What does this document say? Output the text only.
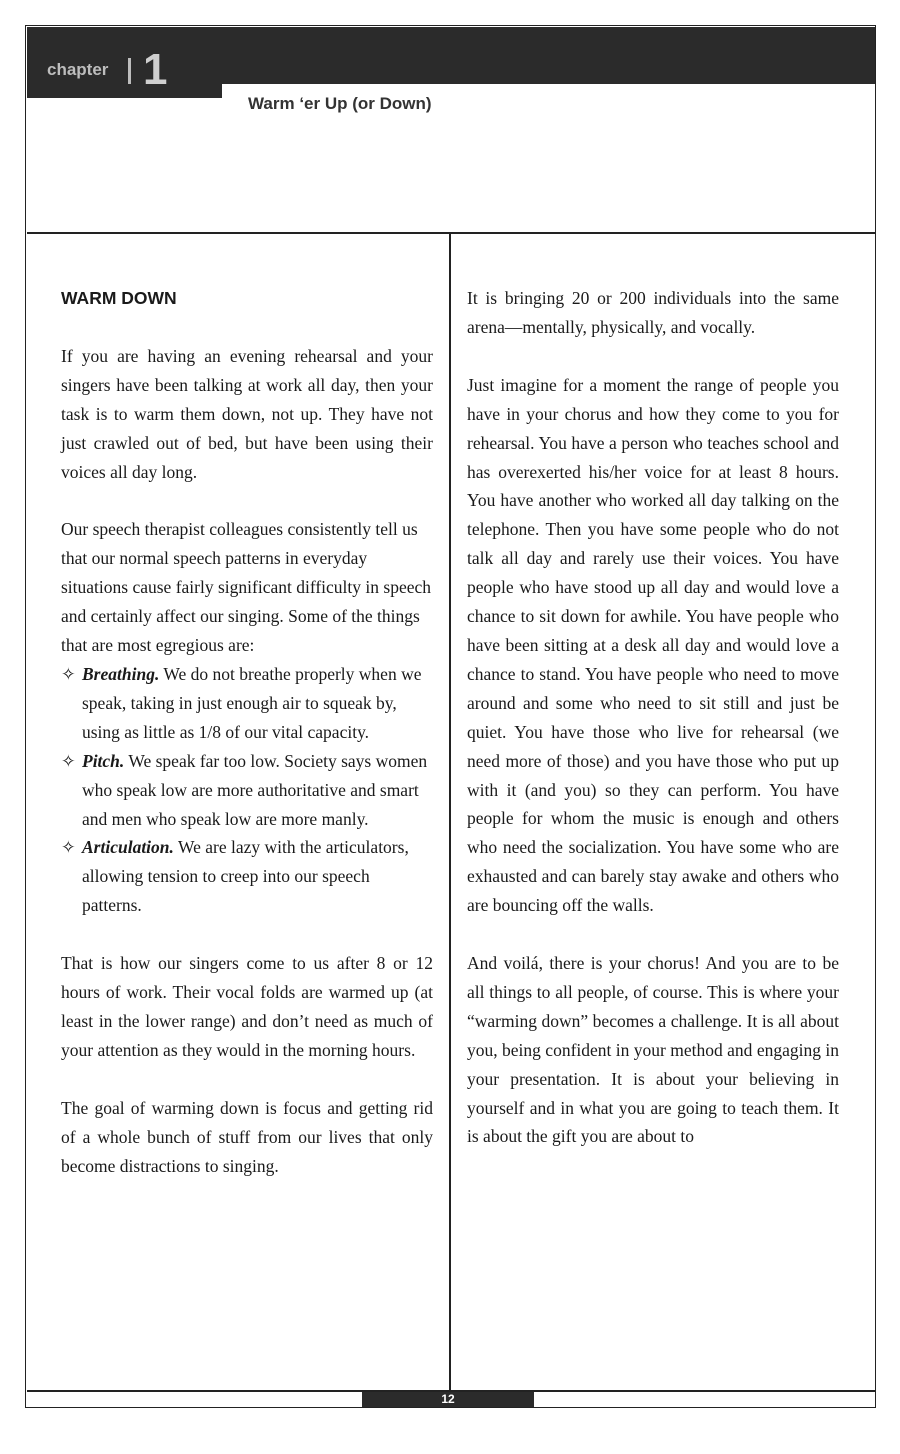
chapter 1
Warm ‘er Up (or Down)
WARM DOWN

If you are having an evening rehearsal and your singers have been talking at work all day, then your task is to warm them down, not up. They have not just crawled out of bed, but have been using their voices all day long.

Our speech therapist colleagues consistently tell us that our normal speech patterns in everyday situations cause fairly significant difficulty in speech and certainly affect our singing. Some of the things that are most egregious are:

✧ Breathing. We do not breathe properly when we speak, taking in just enough air to squeak by, using as little as 1/8 of our vital capacity.
✧ Pitch. We speak far too low. Society says women who speak low are more authoritative and smart and men who speak low are more manly.
✧ Articulation. We are lazy with the articulators, allowing tension to creep into our speech patterns.

That is how our singers come to us after 8 or 12 hours of work. Their vocal folds are warmed up (at least in the lower range) and don’t need as much of your attention as they would in the morning hours.

The goal of warming down is focus and getting rid of a whole bunch of stuff from our lives that only become distractions to singing.

It is bringing 20 or 200 individuals into the same arena—mentally, physically, and vocally.

Just imagine for a moment the range of people you have in your chorus and how they come to you for rehearsal. You have a person who teaches school and has overexerted his/her voice for at least 8 hours. You have another who worked all day talking on the telephone. Then you have some people who do not talk all day and rarely use their voices. You have people who have stood up all day and would love a chance to sit down for awhile. You have people who have been sitting at a desk all day and would love a chance to stand. You have people who need to move around and some who need to sit still and just be quiet. You have those who live for rehearsal (we need more of those) and you have those who put up with it (and you) so they can perform. You have people for whom the music is enough and others who need the socialization. You have some who are exhausted and can barely stay awake and others who are bouncing off the walls.

And voilá, there is your chorus! And you are to be all things to all people, of course. This is where your “warming down” becomes a challenge. It is all about you, being confident in your method and engaging in your presentation. It is about your believing in yourself and in what you are going to teach them. It is about the gift you are about to

12
